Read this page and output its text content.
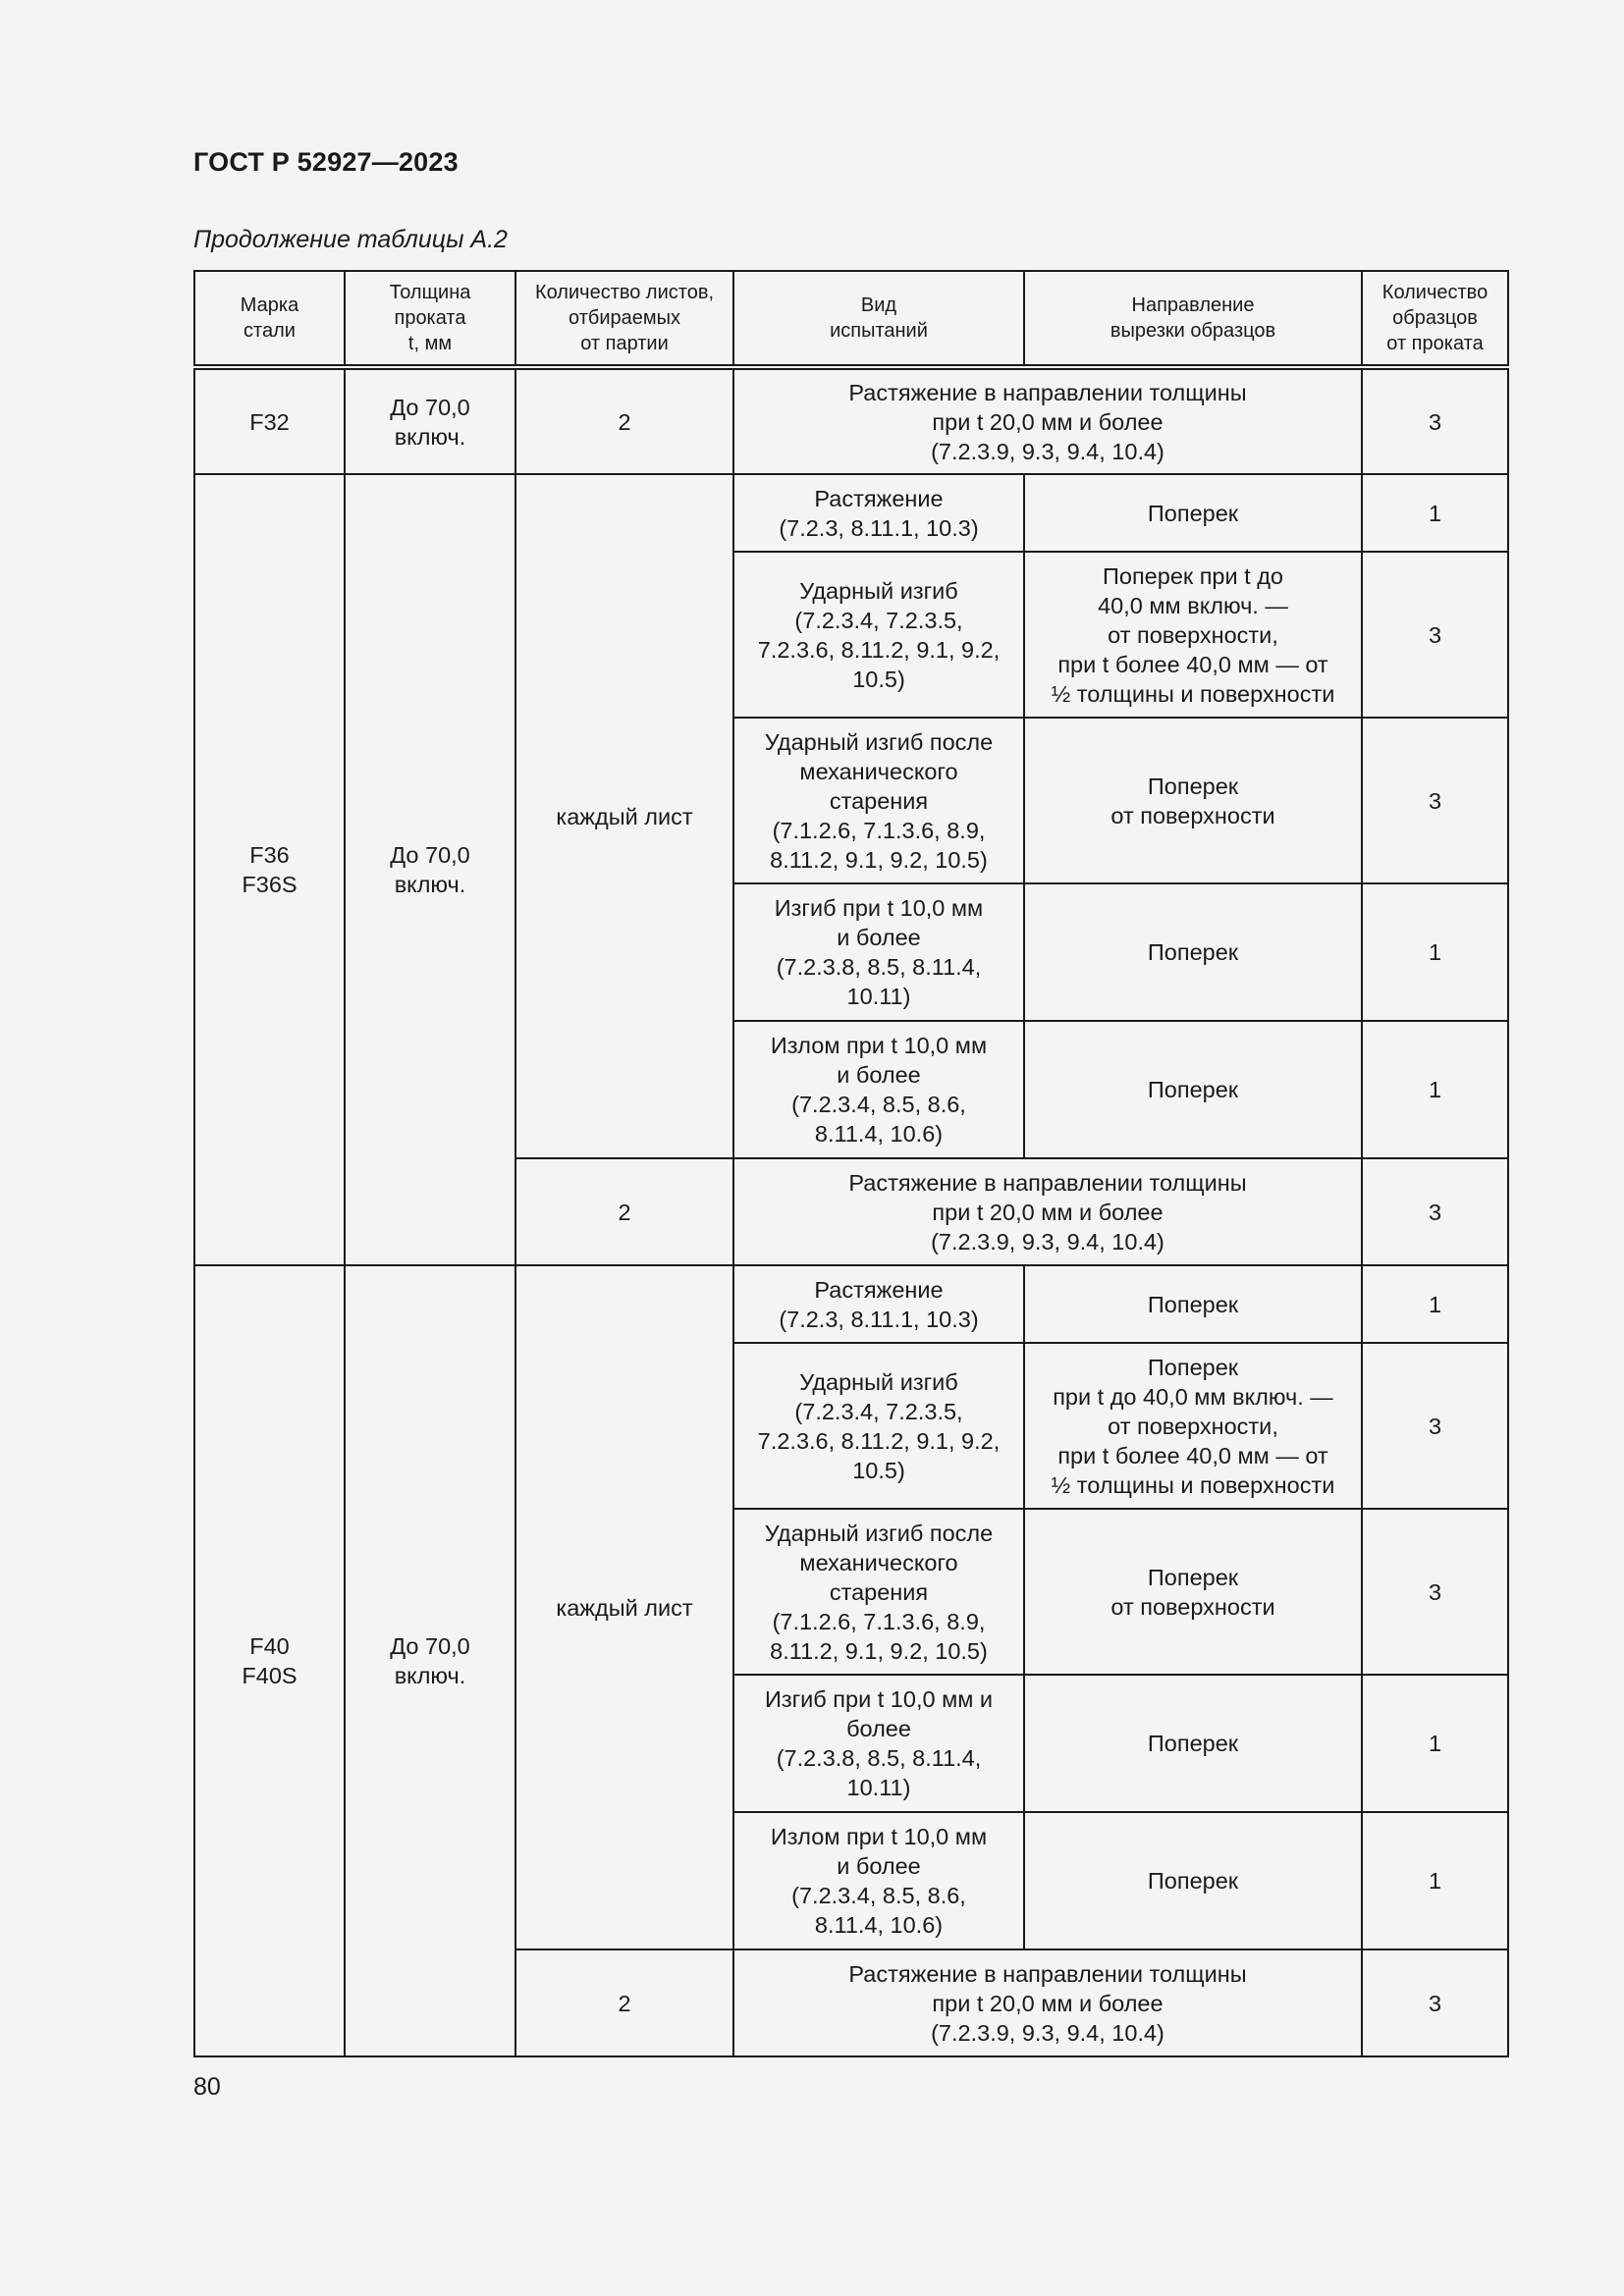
ГОСТ Р 52927—2023
Продолжение таблицы А.2
Марка
стали	Толщина
проката
t, мм	Количество листов,
отбираемых
от партии	Вид
испытаний	Направление
вырезки образцов	Количество
образцов
от проката

F32	До 70,0
включ.	2	Растяжение в направлении толщины
при t 20,0 мм и более
(7.2.3.9, 9.3, 9.4, 10.4)		3

F36
F36S	До 70,0
включ.	каждый лист	Растяжение
(7.2.3, 8.11.1, 10.3)	Поперек	1

			Ударный изгиб
(7.2.3.4, 7.2.3.5,
7.2.3.6, 8.11.2, 9.1, 9.2,
10.5)	Поперек при t до
40,0 мм включ. —
от поверхности,
при t более 40,0 мм — от
½ толщины и поверхности	3

			Ударный изгиб после
механического
старения
(7.1.2.6, 7.1.3.6, 8.9,
8.11.2, 9.1, 9.2, 10.5)	Поперек
от поверхности	3

			Изгиб при t 10,0 мм
и более
(7.2.3.8, 8.5, 8.11.4,
10.11)	Поперек	1

			Излом при t 10,0 мм
и более
(7.2.3.4, 8.5, 8.6,
8.11.4, 10.6)	Поперек	1
		2	Растяжение в направлении толщины
при t 20,0 мм и более
(7.2.3.9, 9.3, 9.4, 10.4)		3

F40
F40S	До 70,0
включ.	каждый лист	Растяжение
(7.2.3, 8.11.1, 10.3)	Поперек	1

			Ударный изгиб
(7.2.3.4, 7.2.3.5,
7.2.3.6, 8.11.2, 9.1, 9.2,
10.5)	Поперек
при t до 40,0 мм включ. —
от поверхности,
при t более 40,0 мм — от
½ толщины и поверхности	3

			Ударный изгиб после
механического
старения
(7.1.2.6, 7.1.3.6, 8.9,
8.11.2, 9.1, 9.2, 10.5)	Поперек
от поверхности	3

			Изгиб при t 10,0 мм и
более
(7.2.3.8, 8.5, 8.11.4,
10.11)	Поперек	1

			Излом при t 10,0 мм
и более
(7.2.3.4, 8.5, 8.6,
8.11.4, 10.6)	Поперек	1
		2	Растяжение в направлении толщины
при t 20,0 мм и более
(7.2.3.9, 9.3, 9.4, 10.4)		3
80
